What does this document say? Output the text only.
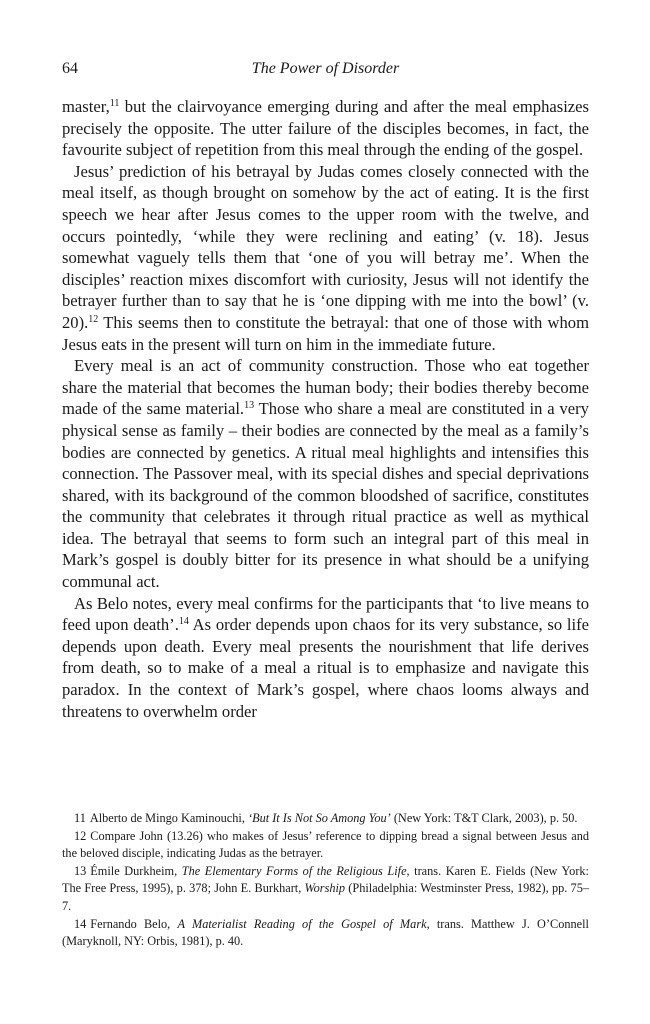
64	The Power of Disorder

master,$^{11}$ but the clairvoyance emerging during and after the meal emphasizes precisely the opposite. The utter failure of the disciples becomes, in fact, the favourite subject of repetition from this meal through the ending of the gospel.

Jesus’ prediction of his betrayal by Judas comes closely connected with the meal itself, as though brought on somehow by the act of eating. It is the first speech we hear after Jesus comes to the upper room with the twelve, and occurs pointedly, ‘while they were reclining and eating’ (v. 18). Jesus somewhat vaguely tells them that ‘one of you will betray me’. When the disciples’ reaction mixes discomfort with curiosity, Jesus will not identify the betrayer further than to say that he is ‘one dipping with me into the bowl’ (v. 20).$^{12}$ This seems then to constitute the betrayal: that one of those with whom Jesus eats in the present will turn on him in the immediate future.

Every meal is an act of community construction. Those who eat together share the material that becomes the human body; their bodies thereby become made of the same material.$^{13}$ Those who share a meal are constituted in a very physical sense as family – their bodies are connected by the meal as a family’s bodies are connected by genetics. A ritual meal highlights and intensifies this connection. The Passover meal, with its special dishes and special deprivations shared, with its background of the common bloodshed of sacrifice, constitutes the community that celebrates it through ritual practice as well as mythical idea. The betrayal that seems to form such an integral part of this meal in Mark’s gospel is doubly bitter for its presence in what should be a unifying communal act.

As Belo notes, every meal confirms for the participants that ‘to live means to feed upon death’.$^{14}$ As order depends upon chaos for its very substance, so life depends upon death. Every meal presents the nourishment that life derives from death, so to make of a meal a ritual is to emphasize and navigate this paradox. In the context of Mark’s gospel, where chaos looms always and threatens to overwhelm order

11 Alberto de Mingo Kaminouchi, ‘But It Is Not So Among You’ (New York: T&T Clark, 2003), p. 50.

12 Compare John (13.26) who makes of Jesus’ reference to dipping bread a signal between Jesus and the beloved disciple, indicating Judas as the betrayer.

13 Émile Durkheim, The Elementary Forms of the Religious Life, trans. Karen E. Fields (New York: The Free Press, 1995), p. 378; John E. Burkhart, Worship (Philadelphia: Westminster Press, 1982), pp. 75–7.

14 Fernando Belo, A Materialist Reading of the Gospel of Mark, trans. Matthew J. O’Connell (Maryknoll, NY: Orbis, 1981), p. 40.
